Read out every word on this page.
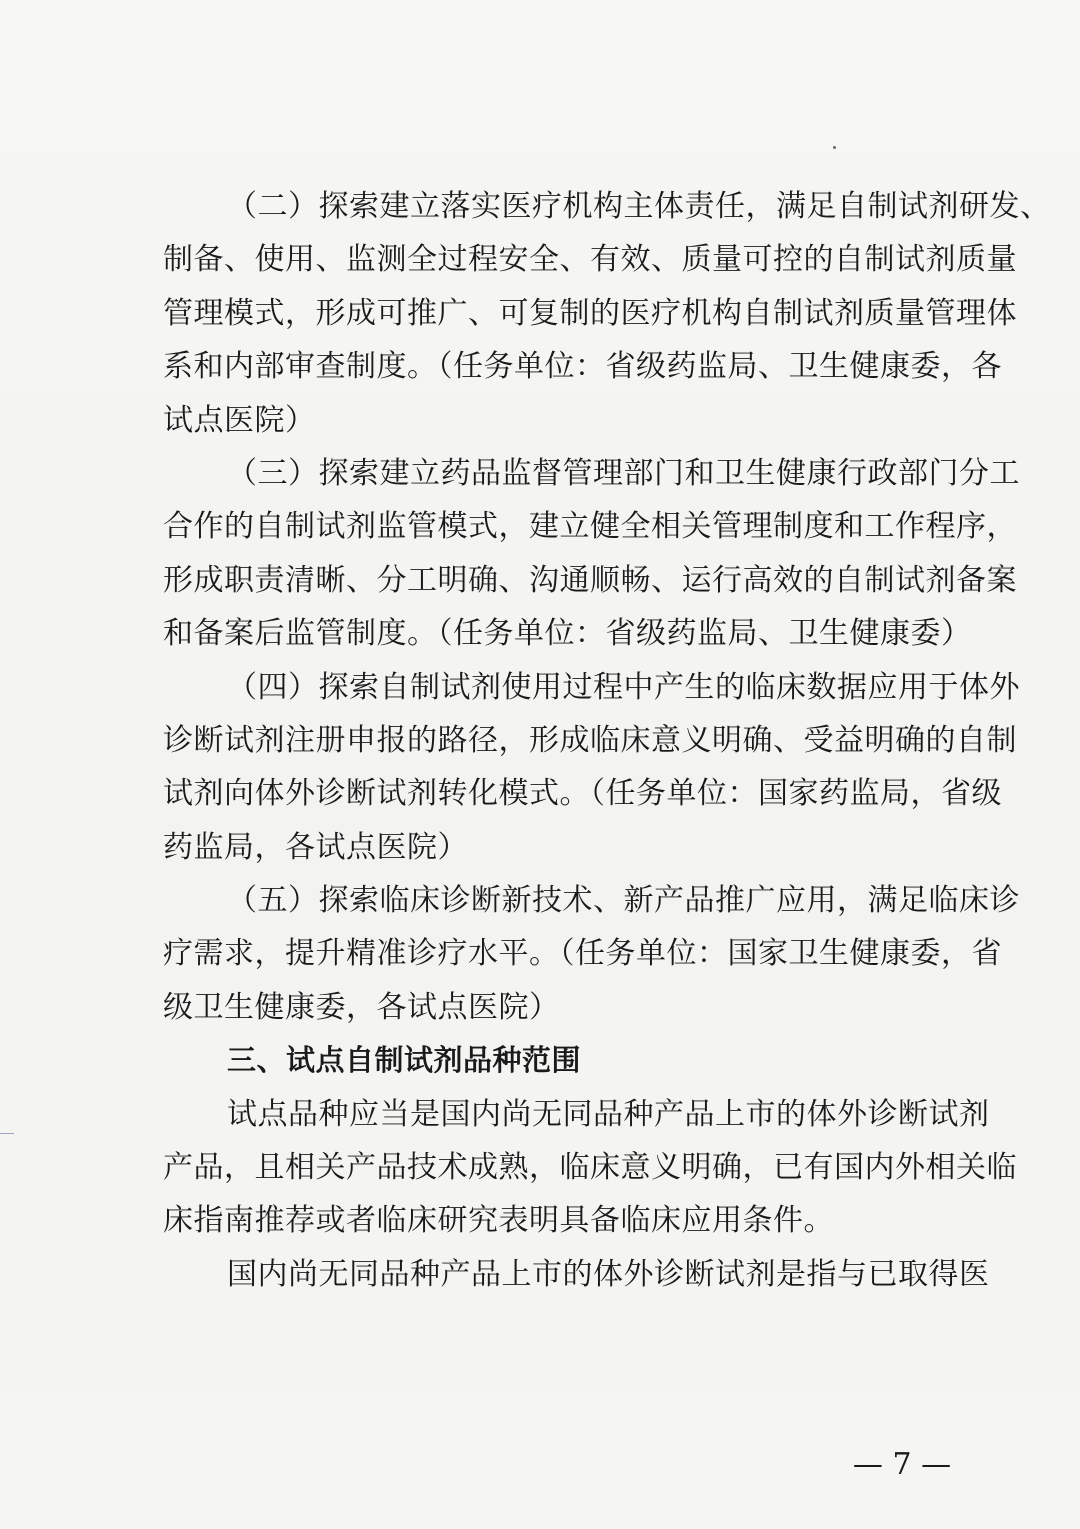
（二）探索建立落实医疗机构主体责任，满足自制试剂研发、
制备、使用、监测全过程安全、有效、质量可控的自制试剂质量
管理模式，形成可推广、可复制的医疗机构自制试剂质量管理体
系和内部审查制度。（任务单位：省级药监局、卫生健康委，各
试点医院）
（三）探索建立药品监督管理部门和卫生健康行政部门分工
合作的自制试剂监管模式，建立健全相关管理制度和工作程序，
形成职责清晰、分工明确、沟通顺畅、运行高效的自制试剂备案
和备案后监管制度。（任务单位：省级药监局、卫生健康委）
（四）探索自制试剂使用过程中产生的临床数据应用于体外
诊断试剂注册申报的路径，形成临床意义明确、受益明确的自制
试剂向体外诊断试剂转化模式。（任务单位：国家药监局，省级
药监局，各试点医院）
（五）探索临床诊断新技术、新产品推广应用，满足临床诊
疗需求，提升精准诊疗水平。（任务单位：国家卫生健康委，省
级卫生健康委，各试点医院）
三、试点自制试剂品种范围
试点品种应当是国内尚无同品种产品上市的体外诊断试剂
产品，且相关产品技术成熟，临床意义明确，已有国内外相关临
床指南推荐或者临床研究表明具备临床应用条件。
国内尚无同品种产品上市的体外诊断试剂是指与已取得医
— 7 —
